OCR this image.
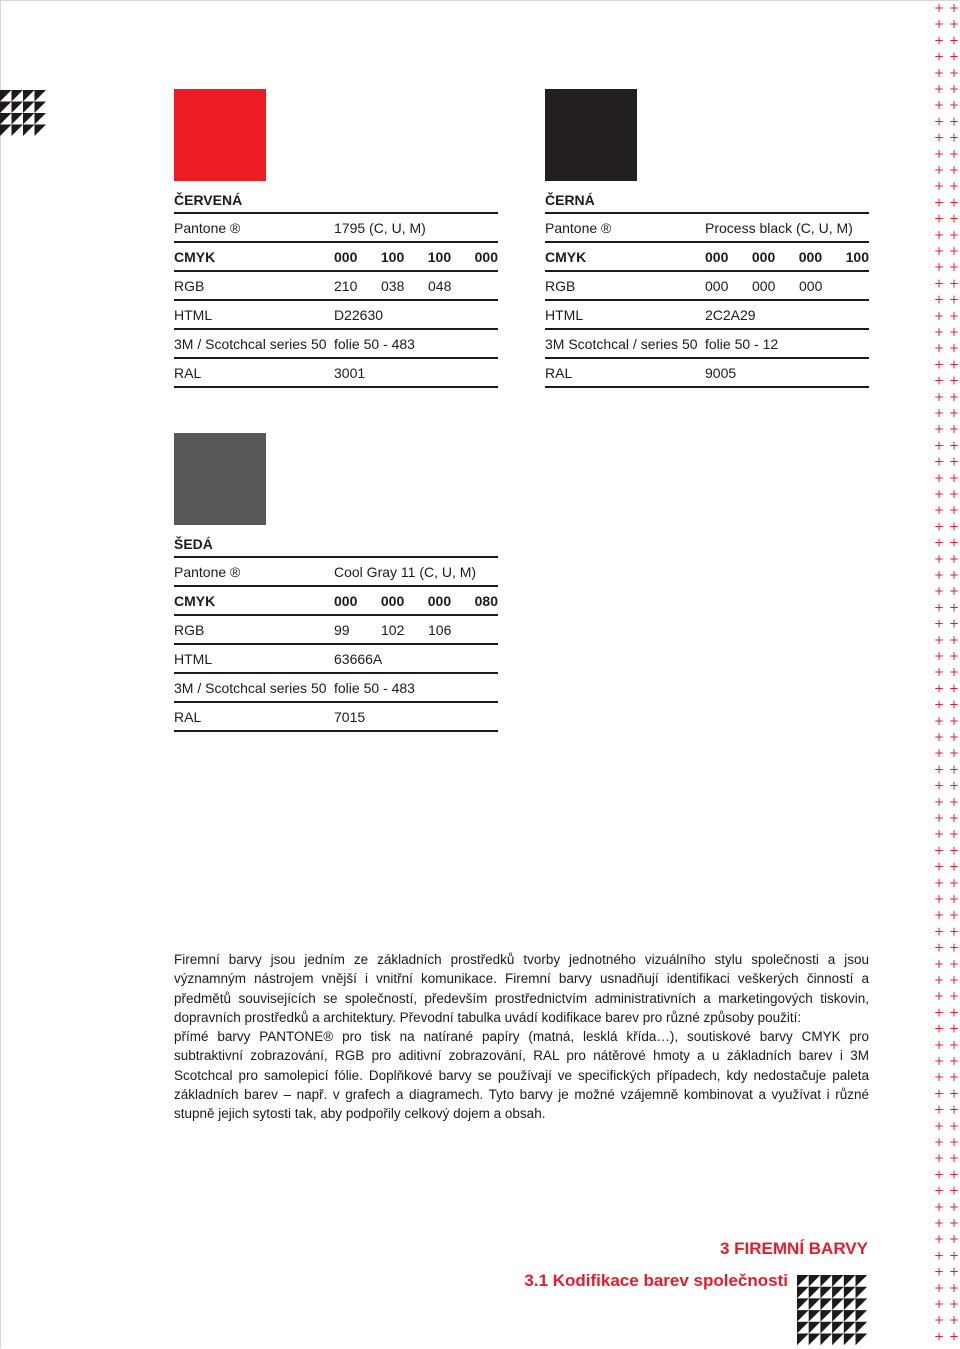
ČERVENÁ
Pantone ®	1795 (C, U, M)
CMYK	000 100 100 000
RGB	210	038	048
HTML	D22630
3M / Scotchcal series 50 folie 50 - 483
RAL	3001
ČERNÁ
Pantone ®	Process black (C, U, M)
CMYK	000 000 000 100
RGB	000	000	000
HTML	2C2A29
3M Scotchcal / series 50 folie 50 - 12
RAL	9005
ŠEDÁ
Pantone ®	Cool Gray 11 (C, U, M)
CMYK	000 000 000 080
RGB	99	102	106
HTML	63666A
3M / Scotchcal series 50 folie 50 - 483
RAL	7015

Firemní barvy jsou jedním ze základních prostředků tvorby jednotného vizuálního stylu společnosti a jsou významným nástrojem vnější i vnitřní komunikace. Firemní barvy usnadňují identifikaci veškerých činností a předmětů souvisejících se společností, především prostřednictvím administrativních a marketingových tiskovin, dopravních prostředků a architektury. Převodní tabulka uvádí kodifikace barev pro různé způsoby použití:

přímé barvy PANTONE® pro tisk na natírané papíry (matná, lesklá křída…), soutiskové barvy CMYK pro subtraktivní zobrazování, RGB pro aditivní zobrazování, RAL pro nátěrové hmoty a u základních barev i 3M Scotchcal pro samolepicí fólie. Doplňkové barvy se používají ve specifických případech, kdy nedostačuje paleta základních barev – např. v grafech a diagramech. Tyto barvy je možné vzájemně kombinovat a využívat i různé stupně jejich sytosti tak, aby podpořily celkový dojem a obsah.

3 FIREMNÍ BARVY
3.1 Kodifikace barev společnosti
+ +
+ +
+ +
+ +
+ +
+ +
+ +
+ +
+ +
+ +
+ +
+ +
+ +
+ +
+ +
+ +
+ +
+ +
+ +
+ +
+ +
+ +
+ +
+ +
+ +
+ +
+ +
+ +
+ +
+ +
+ +
+ +
+ +
+ +
+ +
+ +
+ +
+ +
+ +
+ +
+ +
+ +
+ +
+ +
+ +
+ +
+ +
+ +
+ +
+ +
+ +
+ +
+ +
+ +
+ +
+ +
+ +
+ +
+ +
+ +
+ +
+ +
+ +
+ +
+ +
+ +
+ +
+ +
+ +
+ +
+ +
+ +
+ +
+ +
+ +
+ +
+ +
+ +
+ +
+ +
+ +
+ +
+ +
